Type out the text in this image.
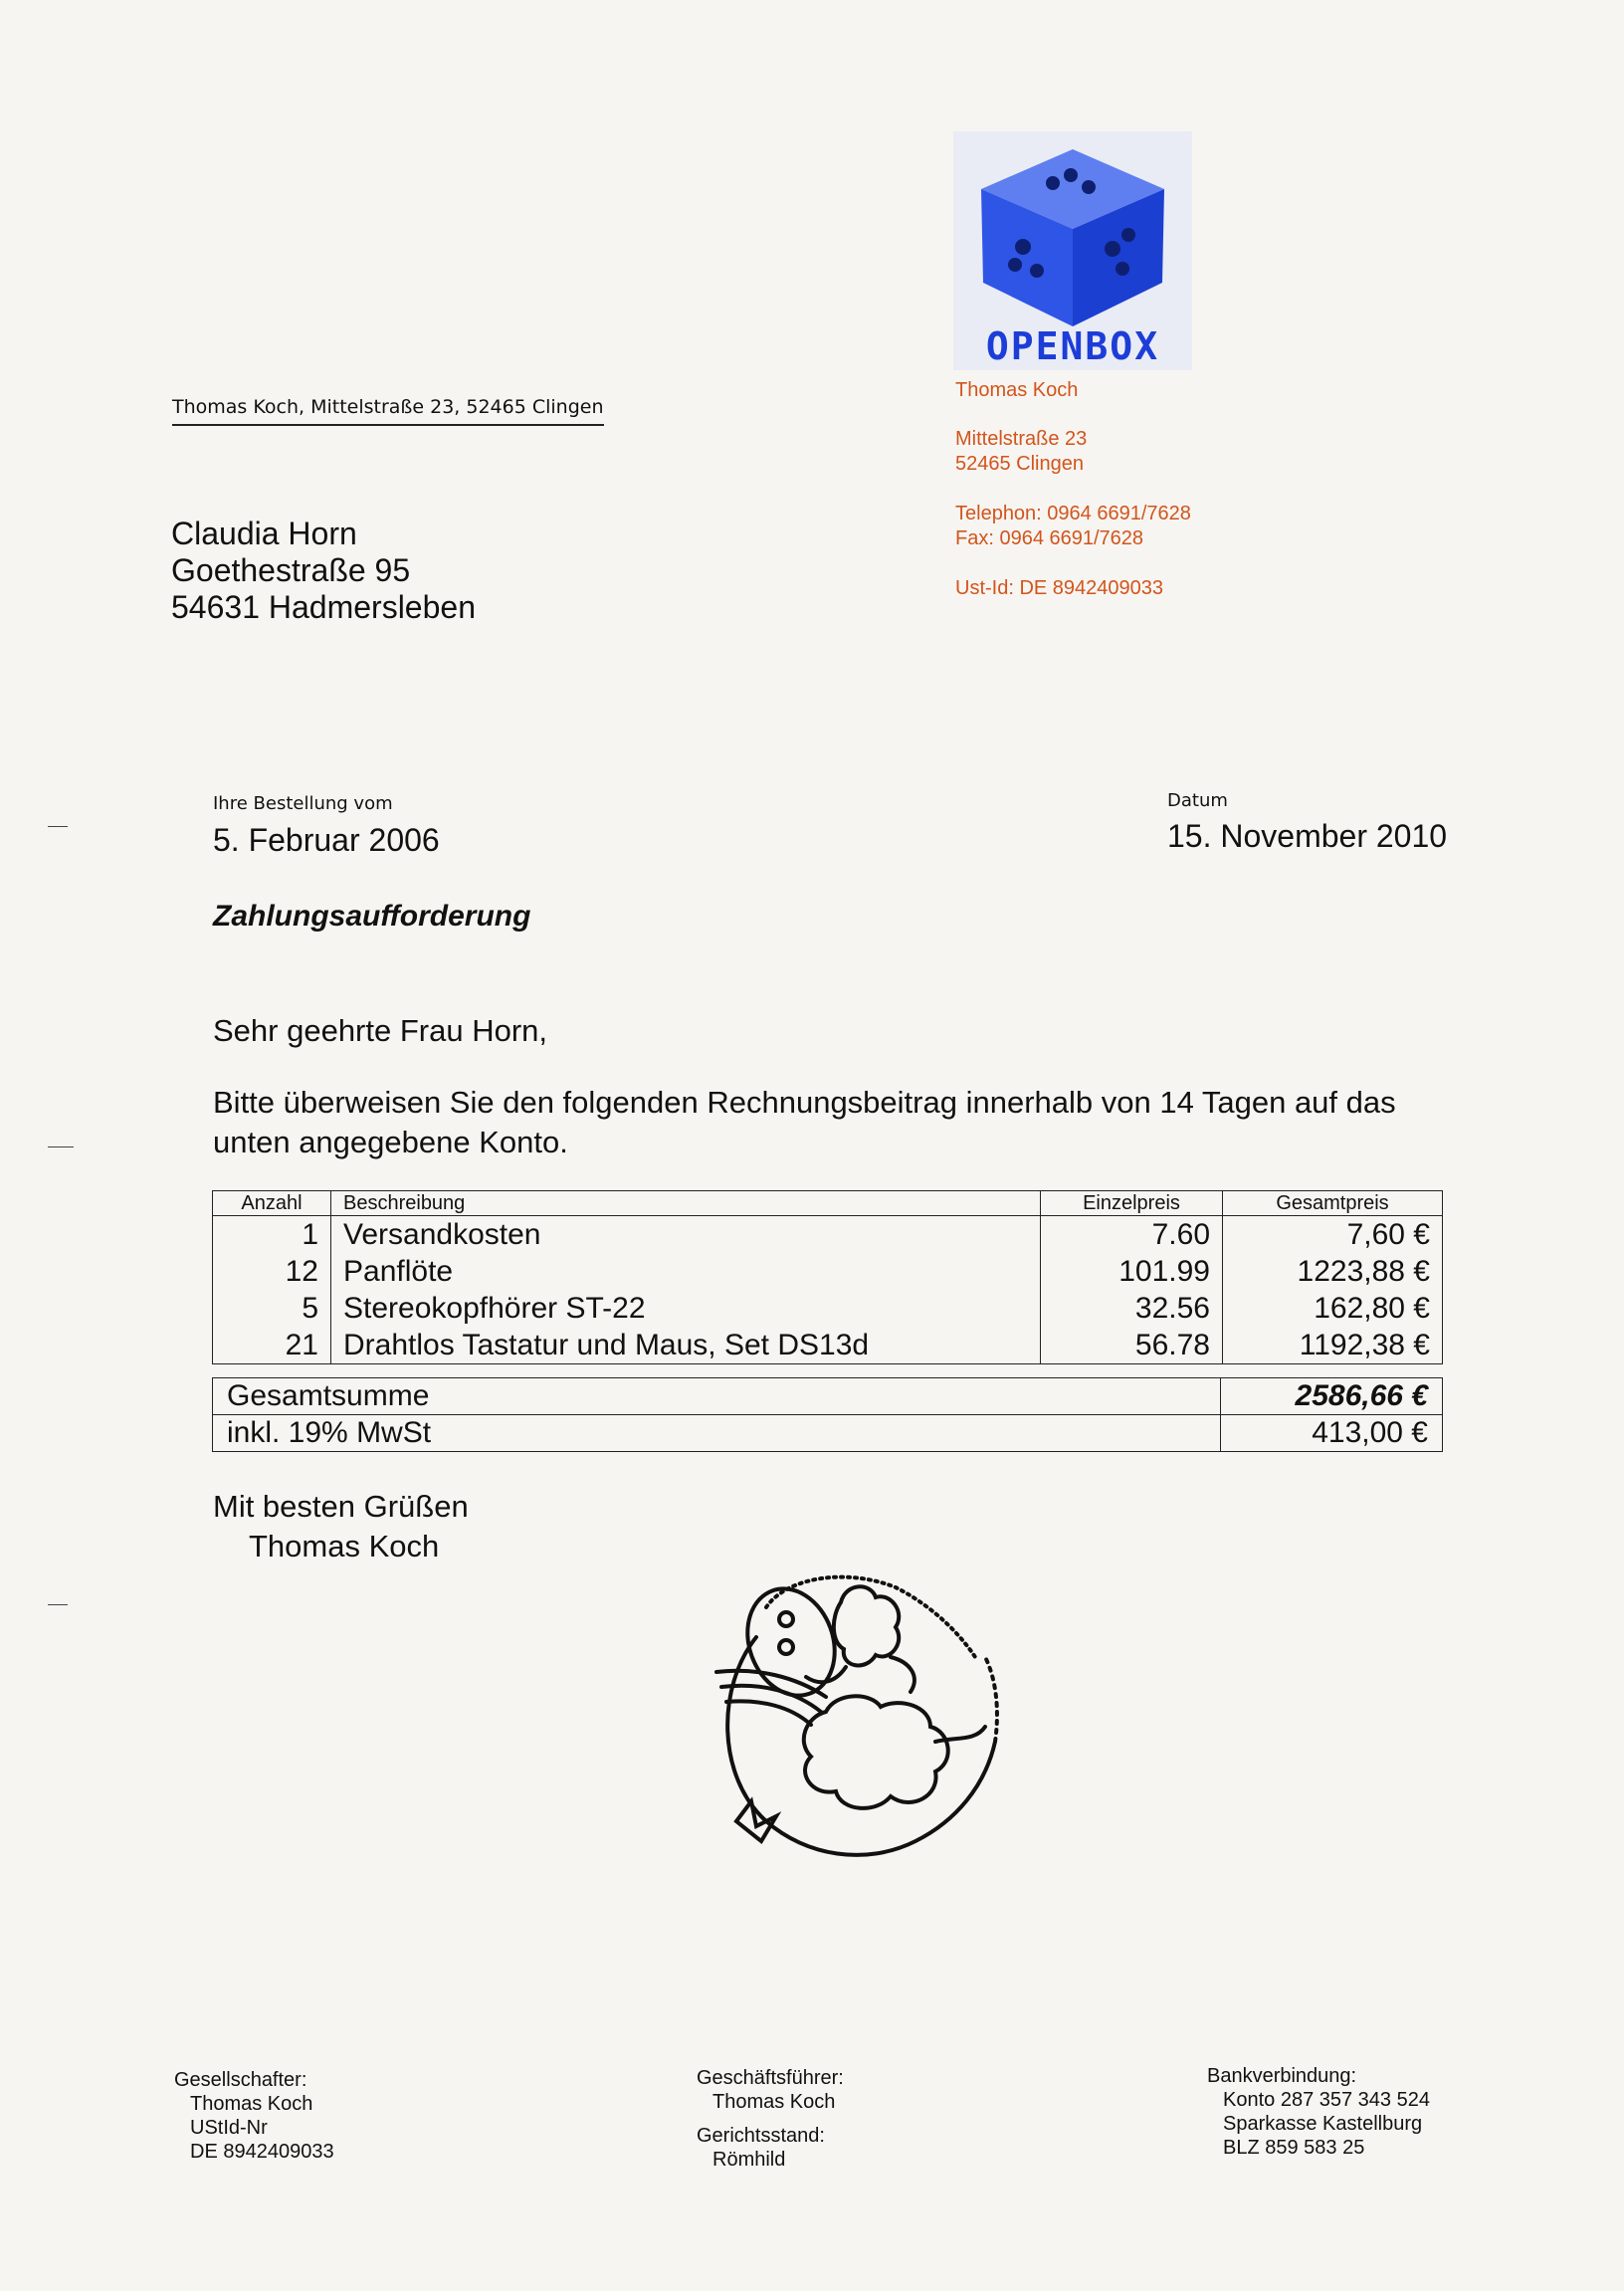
Thomas Koch, Mittelstraße 23, 52465 Clingen
Claudia Horn
Goethestraße 95
54631 Hadmersleben
OPENBOX
Thomas Koch
Mittelstraße 23
52465 Clingen
Telephon: 0964 6691/7628
Fax: 0964 6691/7628
Ust-Id: DE 8942409033
Ihre Bestellung vom
5. Februar 2006
Datum
15. November 2010
Zahlungsaufforderung
Sehr geehrte Frau Horn,
Bitte überweisen Sie den folgenden Rechnungsbeitrag innerhalb von 14 Tagen auf das unten angegebene Konto.
Anzahl	Beschreibung	Einzelpreis	Gesamtpreis
1	Versandkosten	7.60	7,60 €
12	Panflöte	101.99	1223,88 €
5	Stereokopfhörer ST-22	32.56	162,80 €
21	Drahtlos Tastatur und Maus, Set DS13d	56.78	1192,38 €
Gesamtsumme	2586,66 €
inkl. 19% MwSt	413,00 €
Mit besten Grüßen
Thomas Koch
Gesellschafter:
Thomas Koch
UStId-Nr
DE 8942409033
Geschäftsführer:
Thomas Koch
Gerichtsstand:
Römhild
Bankverbindung:
Konto 287 357 343 524
Sparkasse Kastellburg
BLZ 859 583 25
